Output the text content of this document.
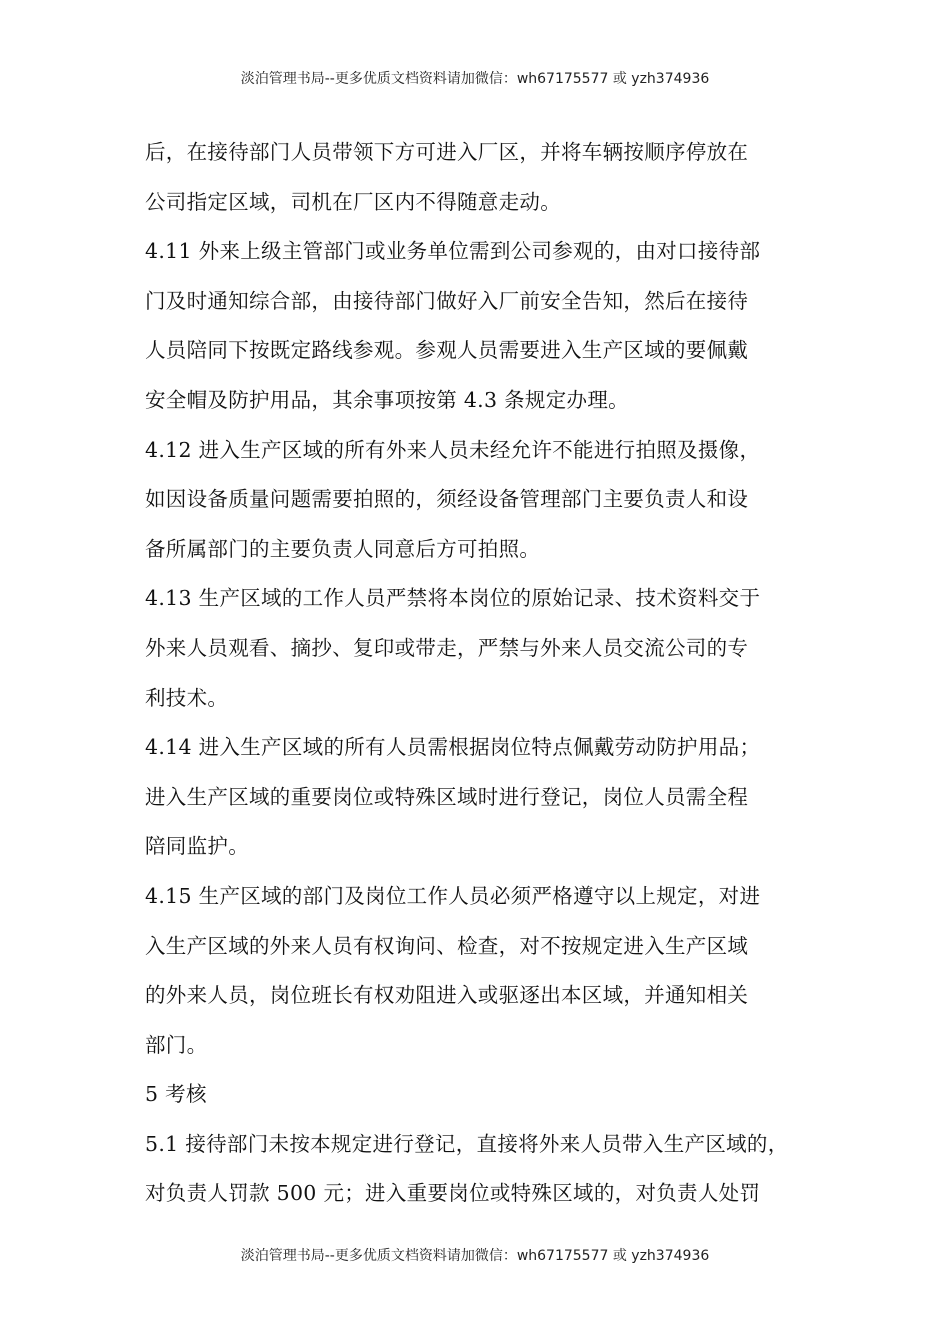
淡泊管理书局--更多优质文档资料请加微信：wh67175577 或 yzh374936
后，在接待部门人员带领下方可进入厂区，并将车辆按顺序停放在
公司指定区域，司机在厂区内不得随意走动。
4.11 外来上级主管部门或业务单位需到公司参观的，由对口接待部
门及时通知综合部，由接待部门做好入厂前安全告知，然后在接待
人员陪同下按既定路线参观。参观人员需要进入生产区域的要佩戴
安全帽及防护用品，其余事项按第 4.3 条规定办理。
4.12 进入生产区域的所有外来人员未经允许不能进行拍照及摄像，
如因设备质量问题需要拍照的，须经设备管理部门主要负责人和设
备所属部门的主要负责人同意后方可拍照。
4.13 生产区域的工作人员严禁将本岗位的原始记录、技术资料交于
外来人员观看、摘抄、复印或带走，严禁与外来人员交流公司的专
利技术。
4.14 进入生产区域的所有人员需根据岗位特点佩戴劳动防护用品；
进入生产区域的重要岗位或特殊区域时进行登记，岗位人员需全程
陪同监护。
4.15 生产区域的部门及岗位工作人员必须严格遵守以上规定，对进
入生产区域的外来人员有权询问、检查，对不按规定进入生产区域
的外来人员，岗位班长有权劝阻进入或驱逐出本区域，并通知相关
部门。
5 考核
5.1 接待部门未按本规定进行登记，直接将外来人员带入生产区域的，
对负责人罚款 500 元；进入重要岗位或特殊区域的，对负责人处罚
淡泊管理书局--更多优质文档资料请加微信：wh67175577 或 yzh374936
